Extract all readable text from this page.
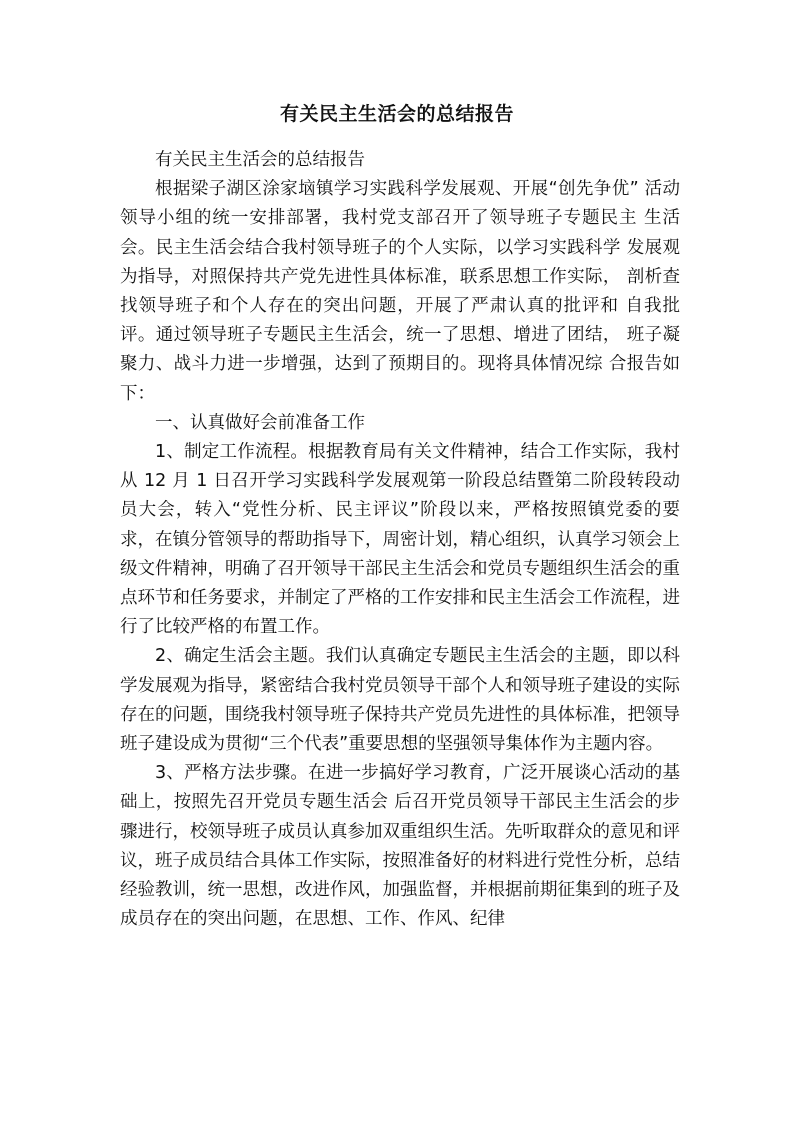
有关民主生活会的总结报告

有关民主生活会的总结报告

根据梁子湖区涂家垴镇学习实践科学发展观、开展“创先争优” 活动领导小组的统一安排部署，我村党支部召开了领导班子专题民主 生活会。民主生活会结合我村领导班子的个人实际，以学习实践科学 发展观为指导，对照保持共产党先进性具体标准，联系思想工作实际， 剖析查找领导班子和个人存在的突出问题，开展了严肃认真的批评和 自我批评。通过领导班子专题民主生活会，统一了思想、增进了团结， 班子凝聚力、战斗力进一步增强，达到了预期目的。现将具体情况综 合报告如下：

一、认真做好会前准备工作

1、制定工作流程。根据教育局有关文件精神，结合工作实际，我村从 12 月 1 日召开学习实践科学发展观第一阶段总结暨第二阶段转段动员大会，转入“党性分析、民主评议”阶段以来，严格按照镇党委的要求，在镇分管领导的帮助指导下，周密计划，精心组织，认真学习领会上级文件精神，明确了召开领导干部民主生活会和党员专题组织生活会的重点环节和任务要求，并制定了严格的工作安排和民主生活会工作流程，进行了比较严格的布置工作。

2、确定生活会主题。我们认真确定专题民主生活会的主题，即以科学发展观为指导，紧密结合我村党员领导干部个人和领导班子建设的实际存在的问题，围绕我村领导班子保持共产党员先进性的具体标准，把领导班子建设成为贯彻“三个代表”重要思想的坚强领导集体作为主题内容。

3、严格方法步骤。在进一步搞好学习教育，广泛开展谈心活动的基础上，按照先召开党员专题生活会 后召开党员领导干部民主生活会的步骤进行，校领导班子成员认真参加双重组织生活。先听取群众的意见和评议，班子成员结合具体工作实际，按照准备好的材料进行党性分析，总结经验教训，统一思想，改进作风，加强监督，并根据前期征集到的班子及成员存在的突出问题，在思想、工作、作风、纪律
